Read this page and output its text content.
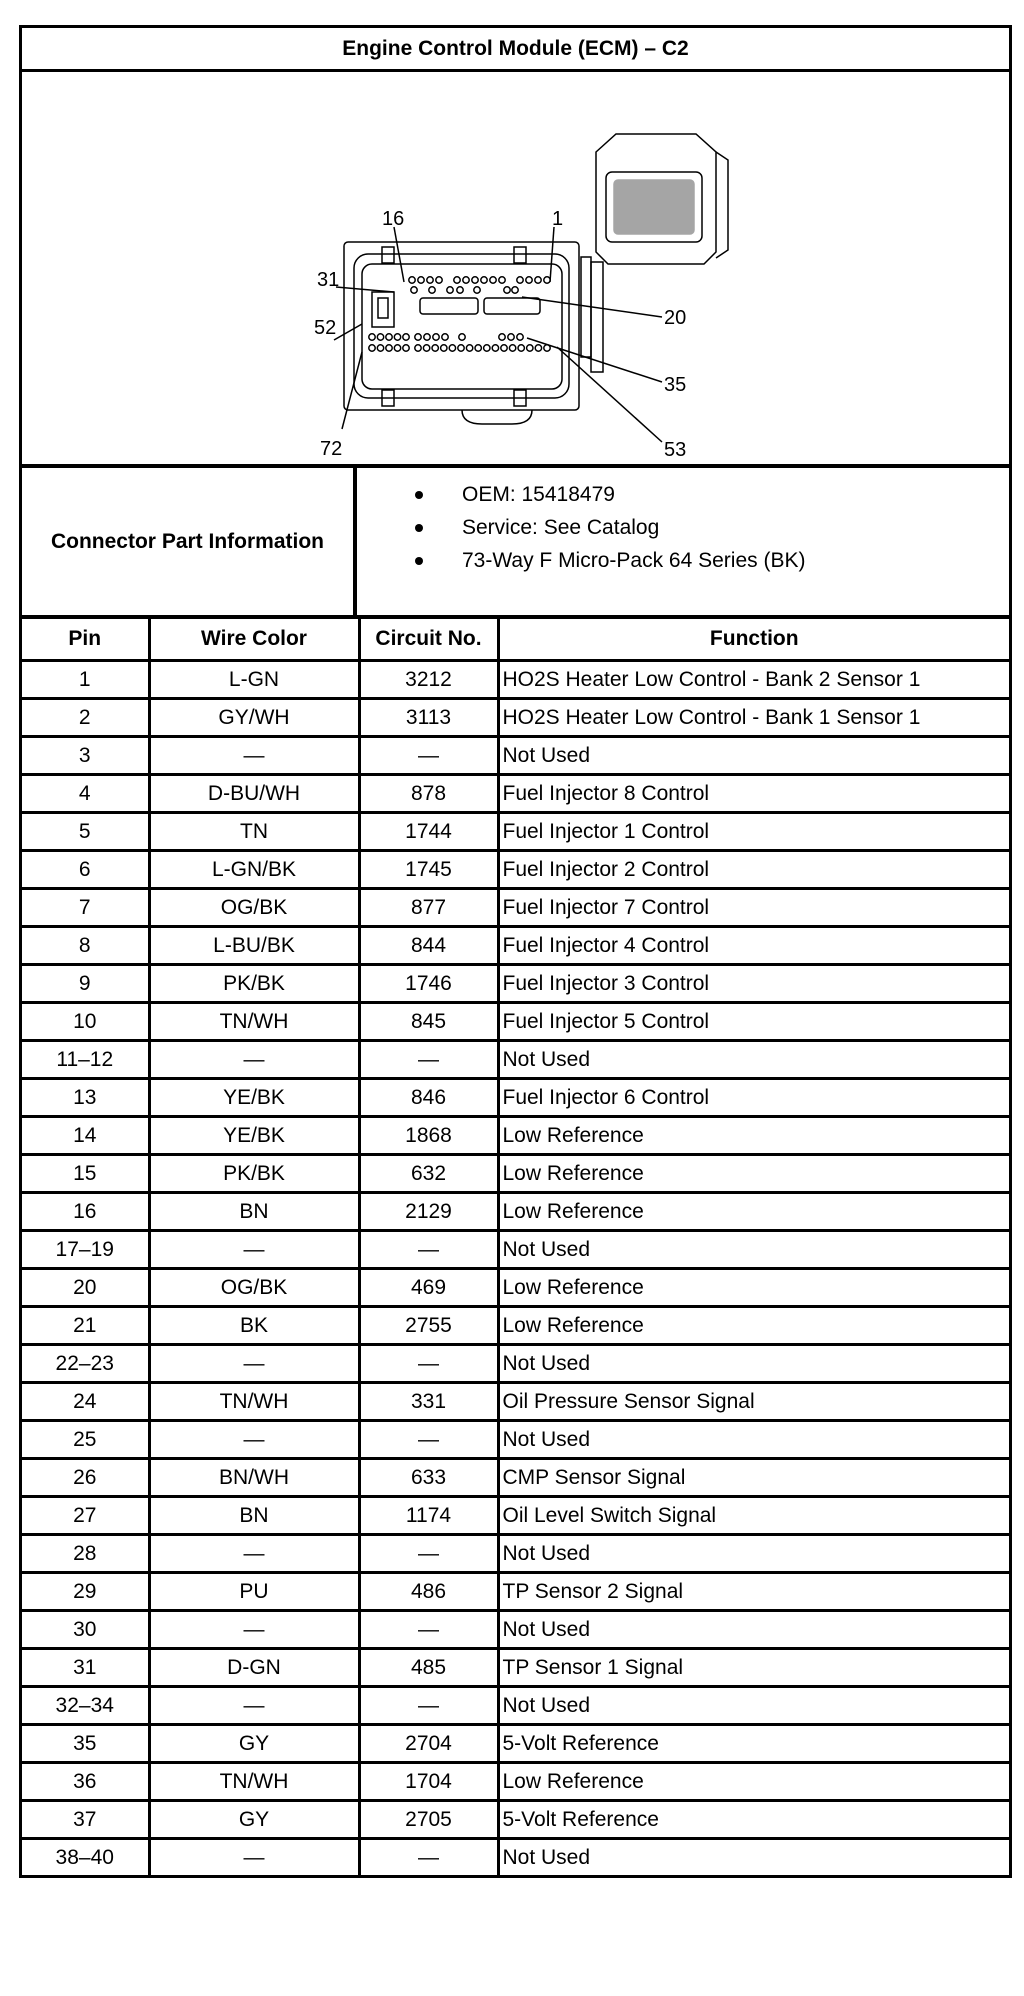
Engine Control Module (ECM) – C2
16	1
31
20
52
35
72	53
Connector Part Information
OEM: 15418479
Service: See Catalog
73-Way F Micro-Pack 64 Series (BK)
Pin	Wire Color	Circuit No.	Function
1	L-GN	3212	HO2S Heater Low Control - Bank 2 Sensor 1
2	GY/WH	3113	HO2S Heater Low Control - Bank 1 Sensor 1
3	—	—	Not Used
4	D-BU/WH	878	Fuel Injector 8 Control
5	TN	1744	Fuel Injector 1 Control
6	L-GN/BK	1745	Fuel Injector 2 Control
7	OG/BK	877	Fuel Injector 7 Control
8	L-BU/BK	844	Fuel Injector 4 Control
9	PK/BK	1746	Fuel Injector 3 Control
10	TN/WH	845	Fuel Injector 5 Control
11–12	—	—	Not Used
13	YE/BK	846	Fuel Injector 6 Control
14	YE/BK	1868	Low Reference
15	PK/BK	632	Low Reference
16	BN	2129	Low Reference
17–19	—	—	Not Used
20	OG/BK	469	Low Reference
21	BK	2755	Low Reference
22–23	—	—	Not Used
24	TN/WH	331	Oil Pressure Sensor Signal
25	—	—	Not Used
26	BN/WH	633	CMP Sensor Signal
27	BN	1174	Oil Level Switch Signal
28	—	—	Not Used
29	PU	486	TP Sensor 2 Signal
30	—	—	Not Used
31	D-GN	485	TP Sensor 1 Signal
32–34	—	—	Not Used
35	GY	2704	5-Volt Reference
36	TN/WH	1704	Low Reference
37	GY	2705	5-Volt Reference
38–40	—	—	Not Used
